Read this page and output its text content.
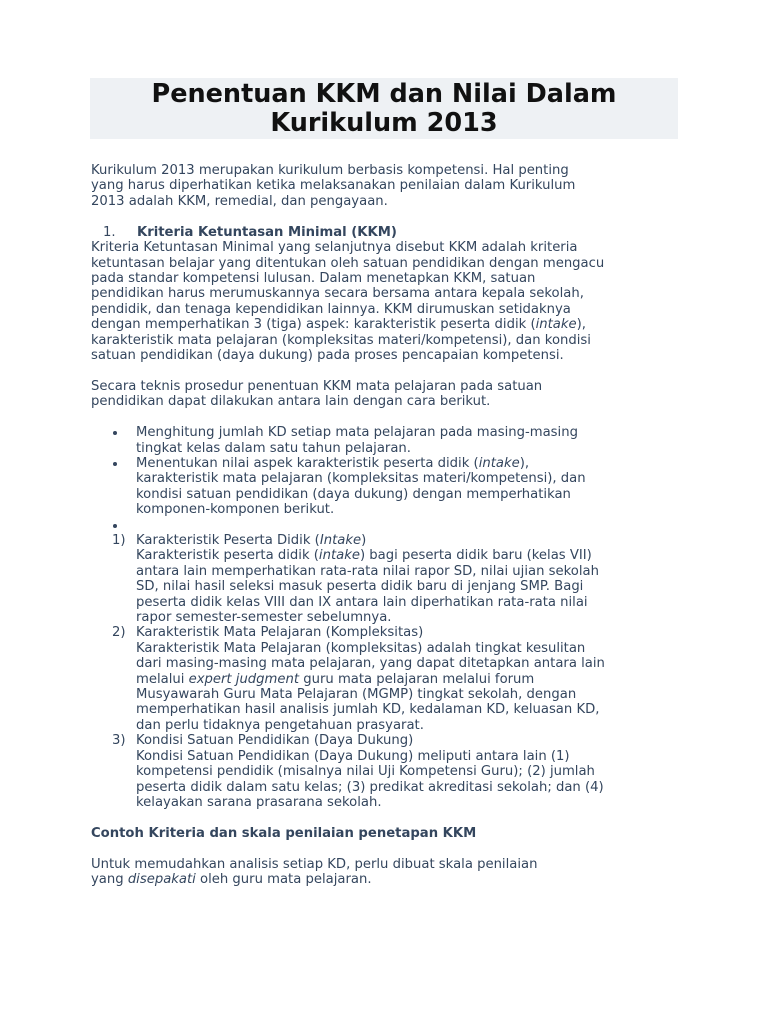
Penentuan KKM dan Nilai Dalam
Kurikulum 2013

Kurikulum 2013 merupakan kurikulum berbasis kompetensi. Hal penting
yang harus diperhatikan ketika melaksanakan penilaian dalam Kurikulum
2013 adalah KKM, remedial, dan pengayaan.

1. Kriteria Ketuntasan Minimal (KKM)

Kriteria Ketuntasan Minimal yang selanjutnya disebut KKM adalah kriteria
ketuntasan belajar yang ditentukan oleh satuan pendidikan dengan mengacu
pada standar kompetensi lulusan. Dalam menetapkan KKM, satuan
pendidikan harus merumuskannya secara bersama antara kepala sekolah,
pendidik, dan tenaga kependidikan lainnya. KKM dirumuskan setidaknya
dengan memperhatikan 3 (tiga) aspek: karakteristik peserta didik (intake),
karakteristik mata pelajaran (kompleksitas materi/kompetensi), dan kondisi
satuan pendidikan (daya dukung) pada proses pencapaian kompetensi.

Secara teknis prosedur penentuan KKM mata pelajaran pada satuan
pendidikan dapat dilakukan antara lain dengan cara berikut.

Menghitung jumlah KD setiap mata pelajaran pada masing-masing
tingkat kelas dalam satu tahun pelajaran.
Menentukan nilai aspek karakteristik peserta didik (intake),
karakteristik mata pelajaran (kompleksitas materi/kompetensi), dan
kondisi satuan pendidikan (daya dukung) dengan memperhatikan
komponen-komponen berikut.
1) Karakteristik Peserta Didik (Intake)
Karakteristik peserta didik (intake) bagi peserta didik baru (kelas VII)
antara lain memperhatikan rata-rata nilai rapor SD, nilai ujian sekolah
SD, nilai hasil seleksi masuk peserta didik baru di jenjang SMP. Bagi
peserta didik kelas VIII dan IX antara lain diperhatikan rata-rata nilai
rapor semester-semester sebelumnya.
2) Karakteristik Mata Pelajaran (Kompleksitas)
Karakteristik Mata Pelajaran (kompleksitas) adalah tingkat kesulitan
dari masing-masing mata pelajaran, yang dapat ditetapkan antara lain
melalui expert judgment guru mata pelajaran melalui forum
Musyawarah Guru Mata Pelajaran (MGMP) tingkat sekolah, dengan
memperhatikan hasil analisis jumlah KD, kedalaman KD, keluasan KD,
dan perlu tidaknya pengetahuan prasyarat.
3) Kondisi Satuan Pendidikan (Daya Dukung)
Kondisi Satuan Pendidikan (Daya Dukung) meliputi antara lain (1)
kompetensi pendidik (misalnya nilai Uji Kompetensi Guru); (2) jumlah
peserta didik dalam satu kelas; (3) predikat akreditasi sekolah; dan (4)
kelayakan sarana prasarana sekolah.

Contoh Kriteria dan skala penilaian penetapan KKM

Untuk memudahkan analisis setiap KD, perlu dibuat skala penilaian
yang disepakati oleh guru mata pelajaran.
